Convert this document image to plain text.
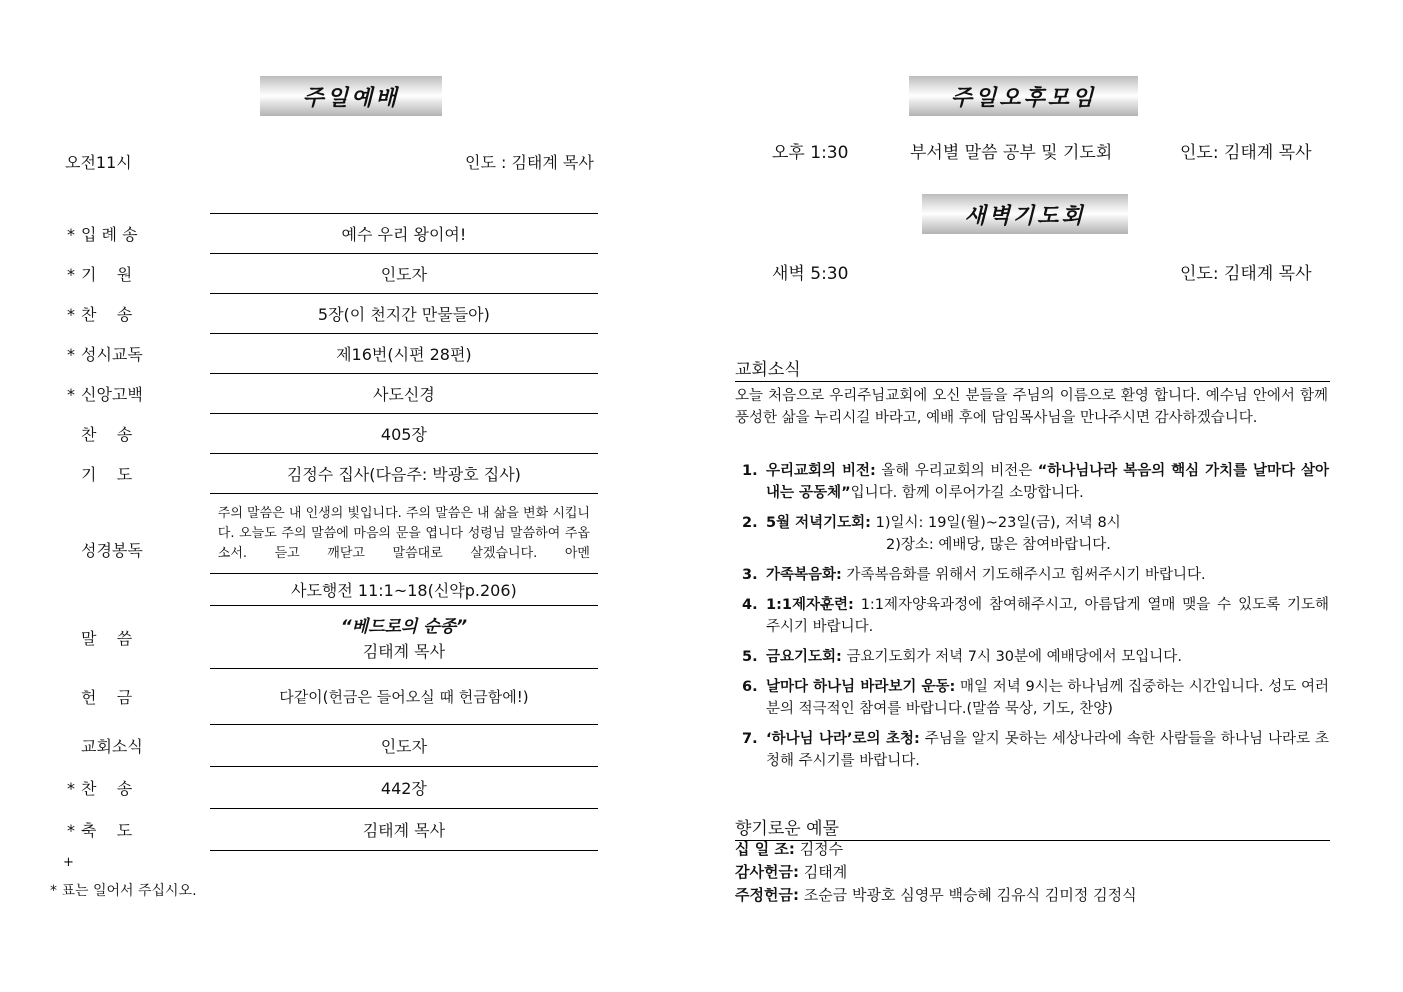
주일예배
오전11시	인도 : 김태계 목사
* 입 례 송	예수 우리 왕이여!
* 기    원	인도자
* 찬    송	5장(이 천지간 만물들아)
* 성시교독	제16번(시편 28편)
* 신앙고백	사도신경
찬    송	405장
기    도	김정수 집사(다음주: 박광호 집사)
성경봉독	주의 말씀은 내 인생의 빛입니다. 주의 말씀은 내 삶을 변화 시킵니다. 오늘도 주의 말씀에 마음의 문을 엽니다 성령님 말씀하여 주옵소서. 듣고 깨닫고 말씀대로 살겠습니다. 아멘

	사도행전 11:1~18(신약p.206)
말    씀	“베드로의 순종”
김태계 목사

헌    금	다같이(헌금은 들어오실 때 헌금함에!)
교회소식	인도자
* 찬    송	442장
* 축    도	김태계 목사
+
* 표는 일어서 주십시오.
주일오후모임
오후 1:30	부서별 말씀 공부 및 기도회	인도: 김태계 목사
새벽기도회
새벽 5:30	인도: 김태계 목사
교회소식
오늘 처음으로 우리주님교회에 오신 분들을 주님의 이름으로 환영 합니다. 예수님 안에서 함께 풍성한 삶을 누리시길 바라고, 예배 후에 담임목사님을 만나주시면 감사하겠습니다.
1. 우리교회의 비전: 올해 우리교회의 비전은 “하나님나라 복음의 핵심 가치를 날마다 살아내는 공동체”입니다. 함께 이루어가길 소망합니다.
2. 5월 저녁기도회: 1)일시: 19일(월)~23일(금), 저녁 8시
2)장소: 예배당, 많은 참여바랍니다.
3. 가족복음화: 가족복음화를 위해서 기도해주시고 힘써주시기 바랍니다.
4. 1:1제자훈련: 1:1제자양육과정에 참여해주시고, 아름답게 열매 맺을 수 있도록 기도해 주시기 바랍니다.
5. 금요기도회: 금요기도회가 저녁 7시 30분에 예배당에서 모입니다.
6. 날마다 하나님 바라보기 운동: 매일 저녁 9시는 하나님께 집중하는 시간입니다. 성도 여러분의 적극적인 참여를 바랍니다.(말씀 묵상, 기도, 찬양)
7. ‘하나님 나라’로의 초청: 주님을 알지 못하는 세상나라에 속한 사람들을 하나님 나라로 초청해 주시기를 바랍니다.
향기로운 예물
십 일 조: 김정수
감사헌금: 김태계
주정헌금: 조순금 박광호 심영무 백승혜 김유식 김미정 김정식
